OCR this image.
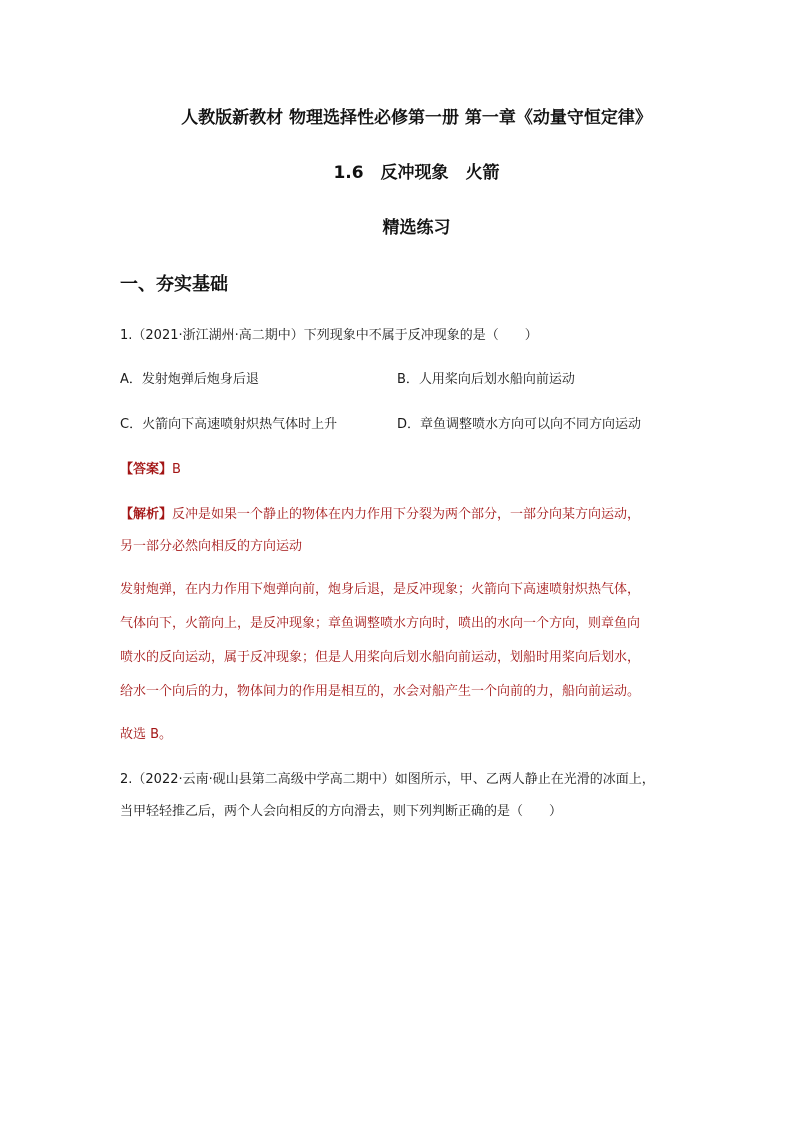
人教版新教材 物理选择性必修第一册 第一章《动量守恒定律》
1.6　反冲现象　火箭
精选练习
一、夯实基础
1.（2021·浙江湖州·高二期中）下列现象中不属于反冲现象的是（　　）
A．发射炮弹后炮身后退	B．人用桨向后划水船向前运动
C．火箭向下高速喷射炽热气体时上升	D．章鱼调整喷水方向可以向不同方向运动
【答案】B
【解析】反冲是如果一个静止的物体在内力作用下分裂为两个部分，一部分向某方向运动，
另一部分必然向相反的方向运动
发射炮弹，在内力作用下炮弹向前，炮身后退，是反冲现象；火箭向下高速喷射炽热气体，
气体向下，火箭向上，是反冲现象；章鱼调整喷水方向时，喷出的水向一个方向，则章鱼向
喷水的反向运动，属于反冲现象；但是人用桨向后划水船向前运动，划船时用桨向后划水，
给水一个向后的力，物体间力的作用是相互的，水会对船产生一个向前的力，船向前运动。
故选 B。
2.（2022·云南·砚山县第二高级中学高二期中）如图所示，甲、乙两人静止在光滑的冰面上，
当甲轻轻推乙后，两个人会向相反的方向滑去，则下列判断正确的是（　　）
